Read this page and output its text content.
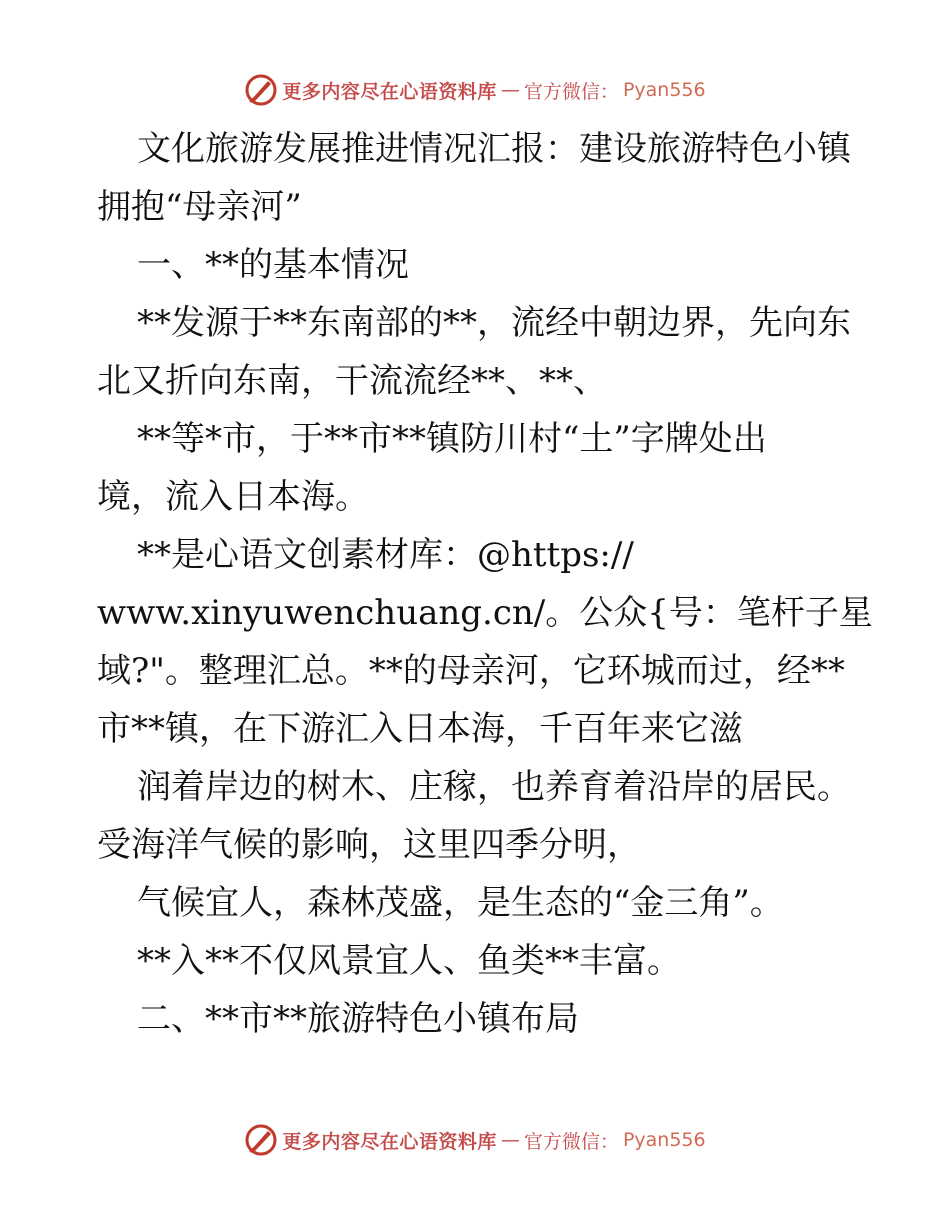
更多内容尽在心语资料库 — 官方微信： Pyan556
文化旅游发展推进情况汇报：建设旅游特色小镇
拥抱“母亲河”
一、**的基本情况
**发源于**东南部的**，流经中朝边界，先向东
北又折向东南，干流流经**、**、
**等*市，于**市**镇防川村“土”字牌处出
境，流入日本海。
**是心语文创素材库：@https://
www.xinyuwenchuang.cn/。公众{号：笔杆子星
域?"。整理汇总。**的母亲河，它环城而过，经**
市**镇，在下游汇入日本海，千百年来它滋
润着岸边的树木、庄稼，也养育着沿岸的居民。
受海洋气候的影响，这里四季分明，
气候宜人，森林茂盛，是生态的“金三角”。
**入**不仅风景宜人、鱼类**丰富。
二、**市**旅游特色小镇布局
更多内容尽在心语资料库 — 官方微信： Pyan556
